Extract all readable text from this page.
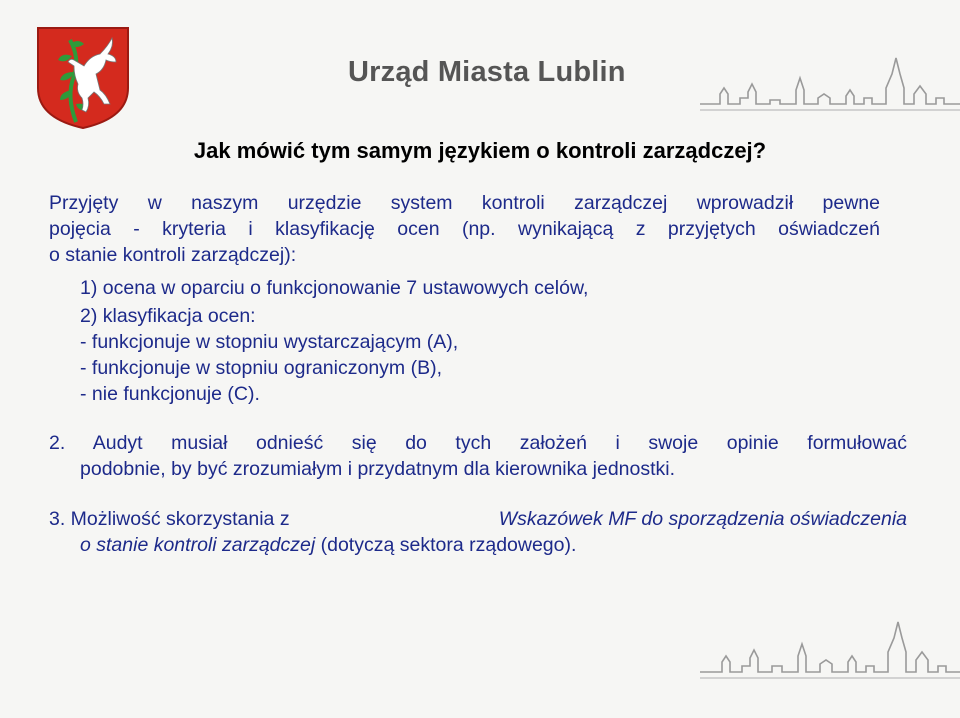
Urząd Miasta Lublin
Jak mówić tym samym językiem o kontroli zarządczej?
Przyjęty w naszym urzędzie system kontroli zarządczej wprowadził pewne
pojęcia - kryteria i klasyfikację ocen (np. wynikającą z przyjętych oświadczeń
o stanie kontroli zarządczej):
1) ocena w oparciu o funkcjonowanie 7 ustawowych celów,
2) klasyfikacja ocen:
- funkcjonuje w stopniu wystarczającym (A),
- funkcjonuje w stopniu ograniczonym (B),
- nie funkcjonuje (C).
2. Audyt musiał odnieść się do tych założeń i swoje opinie formułować
podobnie, by być zrozumiałym i przydatnym dla kierownika jednostki.
3. Możliwość skorzystania z	Wskazówek MF do sporządzenia oświadczenia
o stanie kontroli zarządczej (dotyczą sektora rządowego).
